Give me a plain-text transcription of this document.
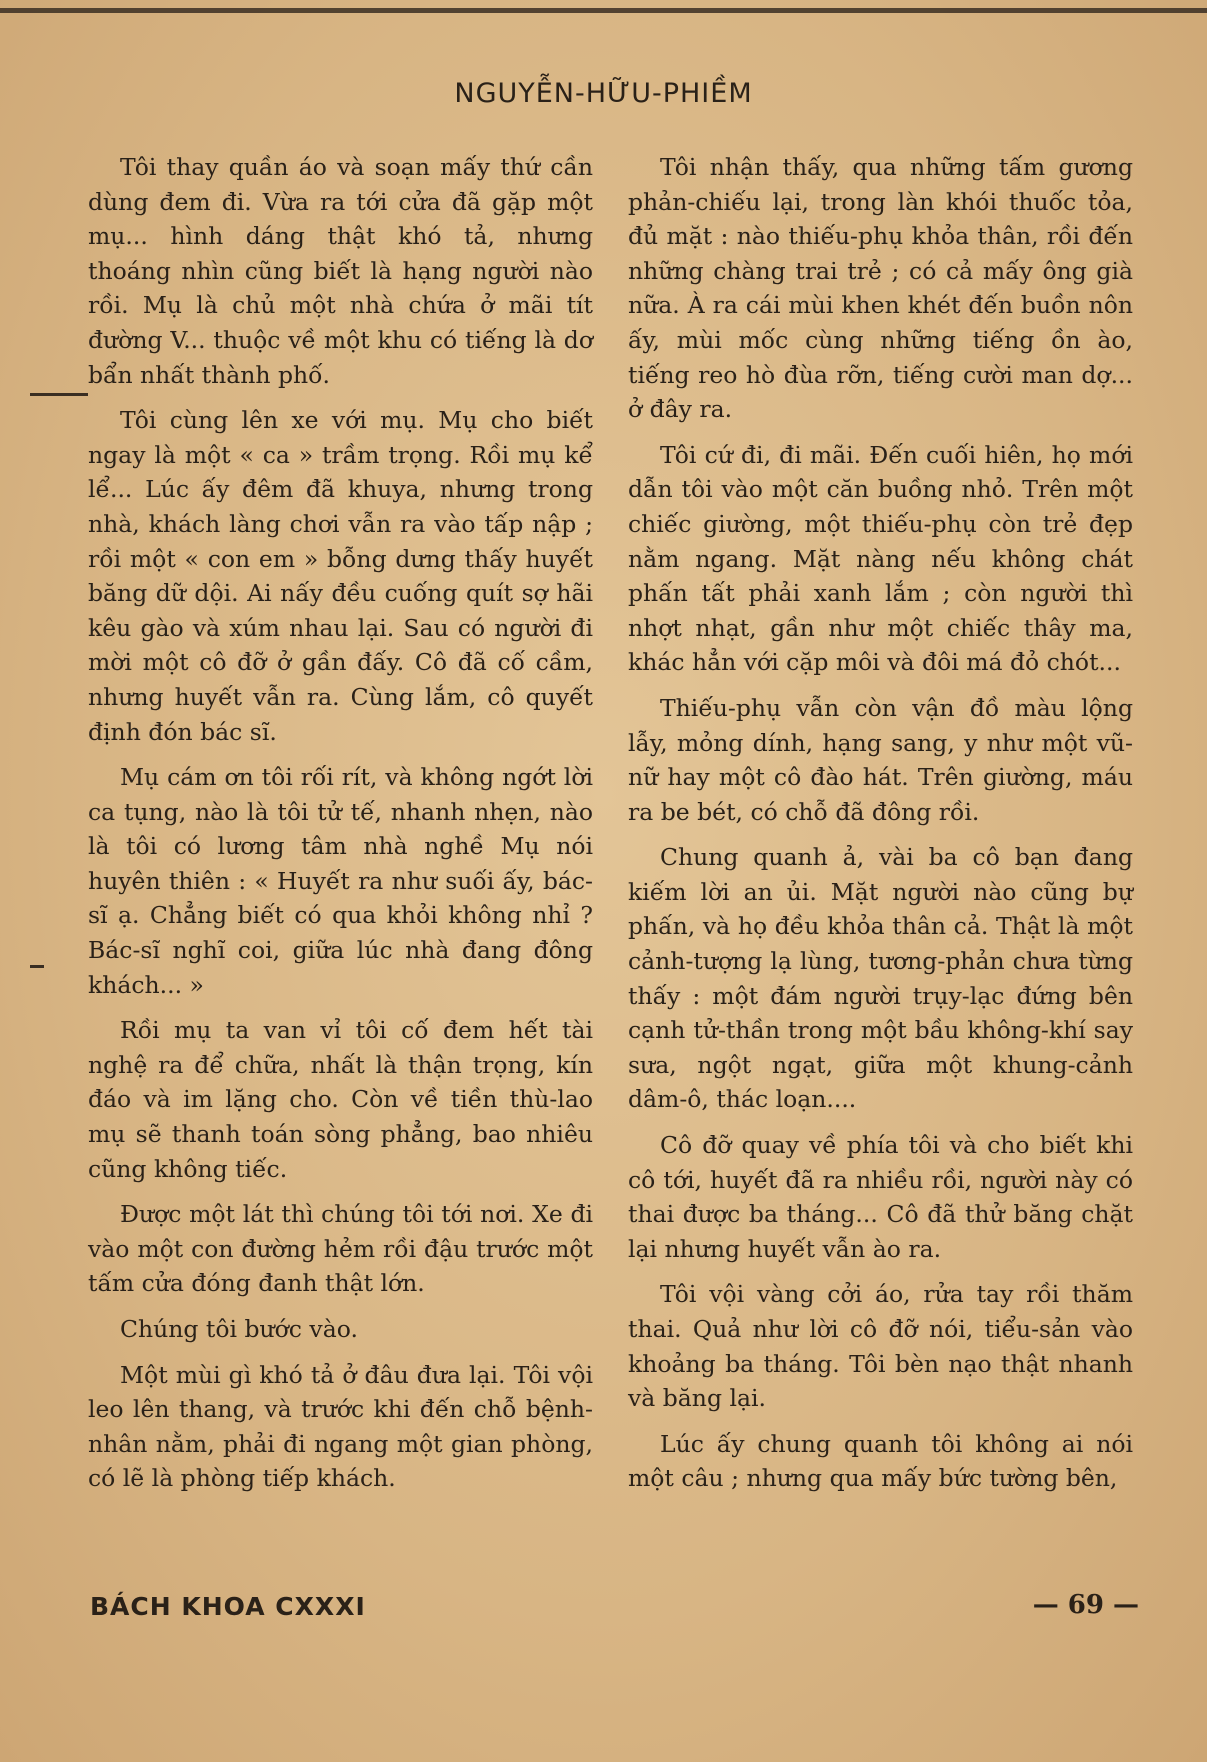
NGUYỄN-HỮU-PHIỀM

Tôi thay quần áo và soạn mấy thứ cần dùng đem đi. Vừa ra tới cửa đã gặp một mụ... hình dáng thật khó tả, nhưng thoáng nhìn cũng biết là hạng người nào rồi. Mụ là chủ một nhà chứa ở mãi tít đường V... thuộc về một khu có tiếng là dơ bẩn nhất thành phố.

Tôi cùng lên xe với mụ. Mụ cho biết ngay là một « ca » trầm trọng. Rồi mụ kể lể... Lúc ấy đêm đã khuya, nhưng trong nhà, khách làng chơi vẫn ra vào tấp nập ; rồi một « con em » bỗng dưng thấy huyết băng dữ dội. Ai nấy đều cuống quít sợ hãi kêu gào và xúm nhau lại. Sau có người đi mời một cô đỡ ở gần đấy. Cô đã cố cầm, nhưng huyết vẫn ra. Cùng lắm, cô quyết định đón bác sĩ.

Mụ cám ơn tôi rối rít, và không ngớt lời ca tụng, nào là tôi tử tế, nhanh nhẹn, nào là tôi có lương tâm nhà nghề Mụ nói huyên thiên : « Huyết ra như suối ấy, bác-sĩ ạ. Chẳng biết có qua khỏi không nhỉ ? Bác-sĩ nghĩ coi, giữa lúc nhà đang đông khách... »

Rồi mụ ta van vỉ tôi cố đem hết tài nghệ ra để chữa, nhất là thận trọng, kín đáo và im lặng cho. Còn về tiền thù-lao mụ sẽ thanh toán sòng phẳng, bao nhiêu cũng không tiếc.

Được một lát thì chúng tôi tới nơi. Xe đi vào một con đường hẻm rồi đậu trước một tấm cửa đóng đanh thật lớn.

Chúng tôi bước vào.

Một mùi gì khó tả ở đâu đưa lại. Tôi vội leo lên thang, và trước khi đến chỗ bệnh-nhân nằm, phải đi ngang một gian phòng, có lẽ là phòng tiếp khách.

Tôi nhận thấy, qua những tấm gương phản-chiếu lại, trong làn khói thuốc tỏa, đủ mặt : nào thiếu-phụ khỏa thân, rồi đến những chàng trai trẻ ; có cả mấy ông già nữa. À ra cái mùi khen khét đến buồn nôn ấy, mùi mốc cùng những tiếng ồn ào, tiếng reo hò đùa rỡn, tiếng cười man dợ... ở đây ra.

Tôi cứ đi, đi mãi. Đến cuối hiên, họ mới dẫn tôi vào một căn buồng nhỏ. Trên một chiếc giường, một thiếu-phụ còn trẻ đẹp nằm ngang. Mặt nàng nếu không chát phấn tất phải xanh lắm ; còn người thì nhợt nhạt, gần như một chiếc thây ma, khác hẳn với cặp môi và đôi má đỏ chót...

Thiếu-phụ vẫn còn vận đồ màu lộng lẫy, mỏng dính, hạng sang, y như một vũ-nữ hay một cô đào hát. Trên giường, máu ra be bét, có chỗ đã đông rồi.

Chung quanh ả, vài ba cô bạn đang kiếm lời an ủi. Mặt người nào cũng bự phấn, và họ đều khỏa thân cả. Thật là một cảnh-tượng lạ lùng, tương-phản chưa từng thấy : một đám người trụy-lạc đứng bên cạnh tử-thần trong một bầu không-khí say sưa, ngột ngạt, giữa một khung-cảnh dâm-ô, thác loạn....

Cô đỡ quay về phía tôi và cho biết khi cô tới, huyết đã ra nhiều rồi, người này có thai được ba tháng... Cô đã thử băng chặt lại nhưng huyết vẫn ào ra.

Tôi vội vàng cởi áo, rửa tay rồi thăm thai. Quả như lời cô đỡ nói, tiểu-sản vào khoảng ba tháng. Tôi bèn nạo thật nhanh và băng lại.

Lúc ấy chung quanh tôi không ai nói một câu ; nhưng qua mấy bức tường bên,

BÁCH KHOA CXXXI	— 69 —
